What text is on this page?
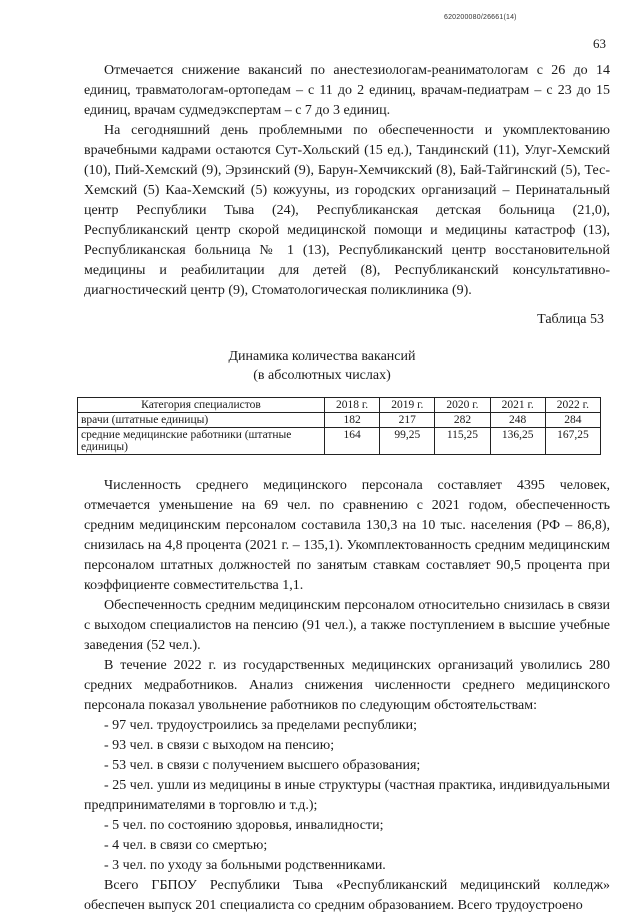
620200080/26661(14)
63

Отмечается снижение вакансий по анестезиологам-реаниматологам с 26 до 14 единиц, травматологам-ортопедам – с 11 до 2 единиц, врачам-педиатрам – с 23 до 15 единиц, врачам судмедэкспертам – с 7 до 3 единиц.

На сегодняшний день проблемными по обеспеченности и укомплектованию врачебными кадрами остаются Сут-Хольский (15 ед.), Тандинский (11), Улуг-Хемский (10), Пий-Хемский (9), Эрзинский (9), Барун-Хемчикский (8), Бай-Тайгинский (5), Тес-Хемский (5) Каа-Хемский (5) кожууны, из городских организаций – Перинатальный центр Республики Тыва (24), Республиканская детская больница (21,0), Республиканский центр скорой медицинской помощи и медицины катастроф (13), Республиканская больница № 1 (13), Республиканский центр восстановительной медицины и реабилитации для детей (8), Республиканский консультативно-диагностический центр (9), Стоматологическая поликлиника (9).

Таблица 53

Динамика количества вакансий
(в абсолютных числах)
Категория специалистов	2018 г.	2019 г.	2020 г.	2021 г.	2022 г.
врачи (штатные единицы)	182	217	282	248	284
средние медицинские работники (штатные единицы)	164	99,25	115,25	136,25	167,25

Численность среднего медицинского персонала составляет 4395 человек, отмечается уменьшение на 69 чел. по сравнению с 2021 годом, обеспеченность средним медицинским персоналом составила 130,3 на 10 тыс. населения (РФ – 86,8), снизилась на 4,8 процента (2021 г. – 135,1). Укомплектованность средним медицинским персоналом штатных должностей по занятым ставкам составляет 90,5 процента при коэффициенте совместительства 1,1.

Обеспеченность средним медицинским персоналом относительно снизилась в связи с выходом специалистов на пенсию (91 чел.), а также поступлением в высшие учебные заведения (52 чел.).

В течение 2022 г. из государственных медицинских организаций уволились 280 средних медработников. Анализ снижения численности среднего медицинского персонала показал увольнение работников по следующим обстоятельствам:

- 97 чел. трудоустроились за пределами республики;

- 93 чел. в связи с выходом на пенсию;

- 53 чел. в связи с получением высшего образования;

- 25 чел. ушли из медицины в иные структуры (частная практика, индивидуальными предпринимателями в торговлю и т.д.);

- 5 чел. по состоянию здоровья, инвалидности;

- 4 чел. в связи со смертью;

- 3 чел. по уходу за больными родственниками.

Всего ГБПОУ Республики Тыва «Республиканский медицинский колледж» обеспечен выпуск 201 специалиста со средним образованием. Всего трудоустроено
